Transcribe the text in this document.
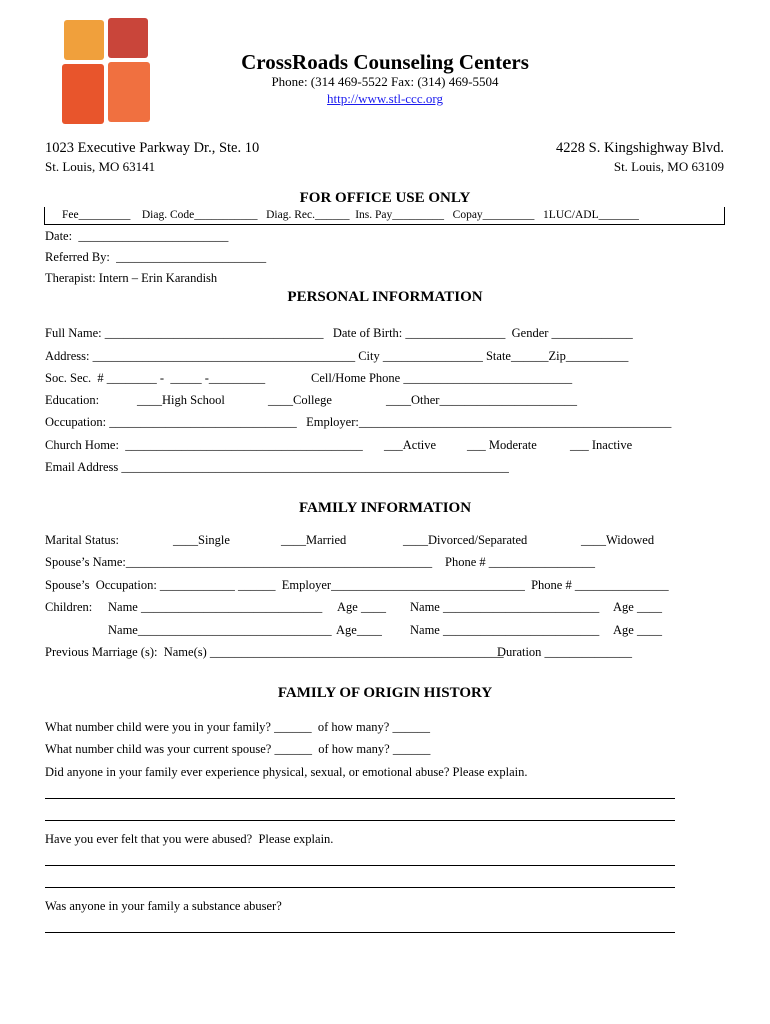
CrossRoads Counseling Centers
Phone: (314 469-5522 Fax: (314) 469-5504
http://www.stl-ccc.org
1023 Executive Parkway Dr., Ste. 10
St. Louis, MO 63141
4228 S. Kingshighway Blvd.
St. Louis, MO 63109
FOR OFFICE USE ONLY
Fee_________    Diag. Code___________   Diag. Rec.______  Ins. Pay_________   Copay_________   1LUC/ADL_______
Date:  ________________________
Referred By:  ________________________
Therapist: Intern – Erin Karandish
PERSONAL INFORMATION
Full Name: ___________________________________   Date of Birth: ________________  Gender _____________
Address: __________________________________________ City ________________ State______Zip__________
Soc. Sec.  # ________ -  _____ -_________	Cell/Home Phone ___________________________
Education:	____High School	____College	____Other______________________
Occupation: ______________________________   Employer:__________________________________________________
Church Home:  ______________________________________ ___Active ___ Moderate	___ Inactive
Email Address ______________________________________________________________
FAMILY INFORMATION
Marital Status:	____Single	____Married	____Divorced/Separated	____Widowed
Spouse’s Name:_________________________________________________ Phone # _________________
Spouse’s  Occupation: ____________ ______  Employer_______________________________  Phone # _______________
Children: Name _____________________________ Age ____ Name _________________________ Age ____
Name_______________________________ Age____ Name _________________________ Age ____
Previous Marriage (s):  Name(s) _______________________________________________
Duration ______________
FAMILY OF ORIGIN HISTORY
What number child were you in your family? ______  of how many? ______
What number child was your current spouse? ______  of how many? ______
Did anyone in your family ever experience physical, sexual, or emotional abuse? Please explain.
Have you ever felt that you were abused?  Please explain.
Was anyone in your family a substance abuser?
